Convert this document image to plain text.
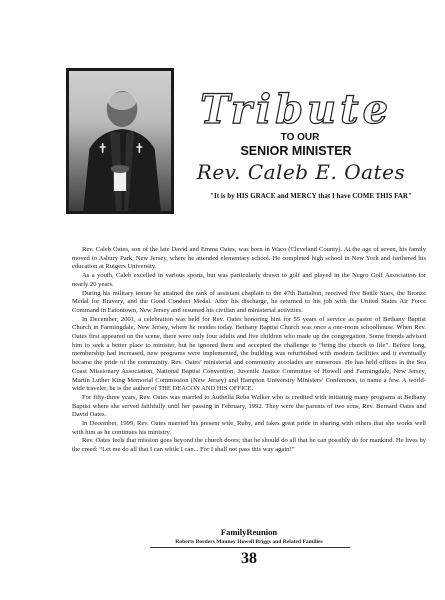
Tribute
TO OUR
SENIOR MINISTER
Rev. Caleb E. Oates
"It is by HIS GRACE and MERCY that I have COME THIS FAR"

Rev. Caleb Oates, son of the late David and Emma Oates, was born in Waco (Cleveland County). At the age of seven, his family moved to Asbury Park, New Jersey, where he attended elementary school. He completed high school in New York and furthered his education at Rutgers University.

As a youth, Caleb excelled in various sports, but was particularly drawn to golf and played in the Negro Golf Association for nearly 20 years.

During his military tenure he attained the rank of assistant chaplain to the 47th Battalion, received five Battle Stars, the Bronze Medal for Bravery, and the Good Conduct Medal. After his discharge, he returned to his job with the United States Air Force Command in Eatontown, New Jersey and resumed his civilian and ministerial activities.

In December, 2001, a celebration was held for Rev. Oates honoring him for 55 years of service as pastor of Bethany Baptist Church in Farmingdale, New Jersey, where he resides today. Bethany Baptist Church was once a one-room schoolhouse. When Rev. Oates first appeared on the scene, there were only four adults and five children who made up the congregation. Some friends advised him to seek a better place to minister, but he ignored them and accepted the challenge to “bring the church to life”. Before long, membership had increased, new programs were implemented, the building was refurbished with modern facilities and it eventually became the pride of the community. Rev. Oates’ ministerial and community accolades are numerous. He has held offices in the Sea Coast Missionary Association, National Baptist Convention, Juvenile Justice Committee of Howell and Farmingdale, New Jersey, Martin Luther King Memorial Commission (New Jersey) and Hampton University Ministers’ Conference, to name a few. A world-wide traveler, he is the author of THE DEACON AND HIS OFFICE.

For fifty-three years, Rev. Oates was married to Authella Reba Walker who is credited with initiating many programs at Bethany Baptist where she served faithfully until her passing in February, 1992. They were the parents of two sons, Rev. Bernard Oates and David Oates.

In December, 1999, Rev. Oates married his present wife, Ruby, and takes great pride in sharing with others that she works well with him as he continues his ministry.

Rev. Oates feels that mission goes beyond the church doors; that he should do all that he can possibly do for mankind. He lives by the creed: “Let me do all that I can while I can... For I shall not pass this way again!”

FamilyReunion
Roberts Borders Mauney Howell Briggs and Related Families
38
